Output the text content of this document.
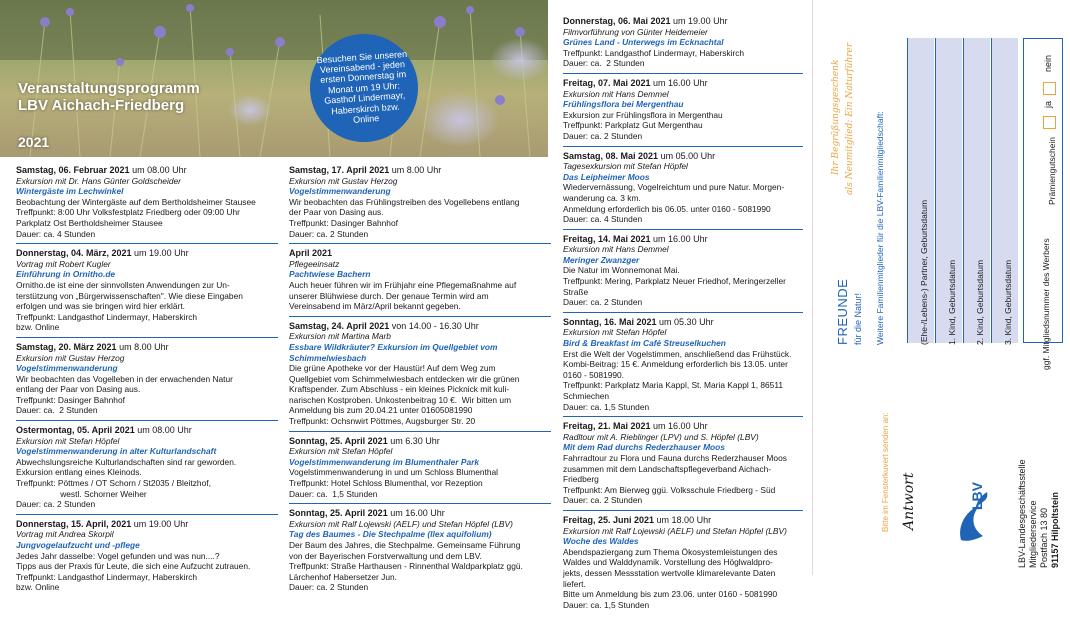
Veranstaltungsprogramm
LBV Aichach-Friedberg
2021
Besuchen Sie unseren Vereinsabend - jeden ersten Donnerstag im Monat um 19 Uhr: Gasthof Lindermayr, Haberskirch bzw. Online
Samstag, 06. Februar 2021 um 08.00 Uhr
Exkursion mit Dr. Hans Günter Goldscheider
Wintergäste im Lechwinkel
Beobachtung der Wintergäste auf dem Bertholdsheimer Stausee
Treffpunkt: 8:00 Uhr Volksfestplatz Friedberg oder 09:00 Uhr
Parkplatz Ost Bertholdsheimer Stausee
Dauer: ca. 4 Stunden
Donnerstag, 04. März, 2021 um 19.00 Uhr
Vortrag mit Robert Kugler
Einführung in Ornitho.de
Ornitho.de ist eine der sinnvollsten Anwendungen zur Un-
terstützung von „Bürgerwissenschaften". Wie diese Eingaben
erfolgen und was sie bringen wird hier erklärt.
Treffpunkt: Landgasthof Lindermayr, Haberskirch
bzw. Online
Samstag, 20. März 2021 um 8.00 Uhr
Exkursion mit Gustav Herzog
Vogelstimmenwanderung
Wir beobachten das Vogelleben in der erwachenden Natur
entlang der Paar von Dasing aus.
Treffpunkt: Dasinger Bahnhof
Dauer: ca.  2 Stunden
Ostermontag, 05. April 2021 um 08.00 Uhr
Exkursion mit Stefan Höpfel
Vogelstimmenwanderung in alter Kulturlandschaft
Abwechslungsreiche Kulturlandschaften sind rar geworden.
Exkursion entlang eines Kleinods.
Treffpunkt: Pöttmes / OT Schorn / St2035 / Bleitzhof,
westl. Schorner Weiher
Dauer: ca. 2 Stunden
Donnerstag, 15. April, 2021 um 19.00 Uhr
Vortrag mit Andrea Skorpil
Jungvogelaufzucht und -pflege
Jedes Jahr dasselbe: Vogel gefunden und was nun....?
Tipps aus der Praxis für Leute, die sich eine Aufzucht zutrauen.
Treffpunkt: Landgasthof Lindermayr, Haberskirch
bzw. Online
Samstag, 17. April 2021 um 8.00 Uhr
Exkursion mit Gustav Herzog
Vogelstimmenwanderung
Wir beobachten das Frühlingstreiben des Vogellebens entlang
der Paar von Dasing aus.
Treffpunkt: Dasinger Bahnhof
Dauer: ca. 2 Stunden
April 2021
Pflegeeinsatz
Pachtwiese Bachern
Auch heuer führen wir im Frühjahr eine Pflegemaßnahme auf
unserer Blühwiese durch. Der genaue Termin wird am
Vereinsabend im März/April bekannt gegeben.
Samstag, 24. April 2021 von 14.00 - 16.30 Uhr
Exkursion mit Martina Marb
Essbare Wildkräuter? Exkursion im Quellgebiet vom Schimmelwiesbach
Die grüne Apotheke vor der Haustür! Auf dem Weg zum
Quellgebiet vom Schimmelwiesbach entdecken wir die grünen
Kraftspender. Zum Abschluss - ein kleines Picknick mit kuli-
narischen Kostproben. Unkostenbeitrag 10 €.  Wir bitten um
Anmeldung bis zum 20.04.21 unter 01605081990
Treffpunkt: Ochsnwirt Pöttmes, Augsburger Str. 20
Sonntag, 25. April 2021 um 6.30 Uhr
Exkursion mit Stefan Höpfel
Vogelstimmenwanderung im Blumenthaler Park
Vogelstimmenwanderung in und um Schloss Blumenthal
Treffpunkt: Hotel Schloss Blumenthal, vor Rezeption
Dauer: ca.  1,5 Stunden
Sonntag, 25. April 2021 um 16.00 Uhr
Exkursion mit Ralf Lojewski (AELF) und Stefan Höpfel (LBV)
Tag des Baumes - Die Stechpalme (Ilex aquifolium)
Der Baum des Jahres, die Stechpalme. Gemeinsame Führung
von der Bayerischen Forstverwaltung und dem LBV.
Treffpunkt: Straße Harthausen - Rinnenthal Waldparkplatz ggü.
Lärchenhof Habersetzer Jun.
Dauer: ca. 2 Stunden
Donnerstag, 06. Mai 2021 um 19.00 Uhr
Filmvorführung von Günter Heidemeier
Grünes Land - Unterwegs im Ecknachtal
Treffpunkt: Landgasthof Lindermayr, Haberskirch
Dauer: ca.  2 Stunden
Freitag, 07. Mai 2021 um 16.00 Uhr
Exkursion mit Hans Demmel
Frühlingsflora bei Mergenthau
Exkursion zur Frühlingsflora in Mergenthau
Treffpunkt: Parkplatz Gut Mergenthau
Dauer: ca. 2 Stunden
Samstag, 08. Mai 2021 um 05.00 Uhr
Tagesexkursion mit Stefan Höpfel
Das Leipheimer Moos
Wiedervernässung, Vogelreichtum und pure Natur. Morgen-
wanderung ca. 3 km.
Anmeldung erforderlich bis 06.05. unter 0160 - 5081990
Dauer: ca. 4 Stunden
Freitag, 14. Mai 2021 um 16.00 Uhr
Exkursion mit Hans Demmel
Meringer Zwanzger
Die Natur im Wonnemonat Mai.
Treffpunkt: Mering, Parkplatz Neuer Friedhof, Meringerzeller
Straße
Dauer: ca. 2 Stunden
Sonntag, 16. Mai 2021 um 05.30 Uhr
Exkursion mit Stefan Höpfel
Bird & Breakfast im Café Streuselkuchen
Erst die Welt der Vogelstimmen, anschließend das Frühstück.
Kombi-Beitrag: 15 €. Anmeldung erforderlich bis 13.05. unter
0160 - 5081990.
Treffpunkt: Parkplatz Maria Kappl, St. Maria Kappl 1, 86511
Schmiechen
Dauer: ca. 1,5 Stunden
Freitag, 21. Mai 2021 um 16.00 Uhr
Radltour mit A. Rieblinger (LPV) und S. Höpfel (LBV)
Mit dem Rad durchs Rederzhauser Moos
Fahrradtour zu Flora und Fauna durchs Rederzhauser Moos
zusammen mit dem Landschaftspflegeverband Aichach-
Friedberg
Treffpunkt: Am Bierweg ggü. Volksschule Friedberg - Süd
Dauer: ca. 2 Stunden
Freitag, 25. Juni 2021 um 18.00 Uhr
Exkursion mit Ralf Lojewski (AELF) und Stefan Höpfel (LBV)
Woche des Waldes
Abendspaziergang zum Thema Ökosystemleistungen des
Waldes und Walddynamik. Vorstellung des Höglwaldpro-
jekts, dessen Messstation wertvolle klimarelevante Daten
liefert.
Bitte um Anmeldung bis zum 23.06. unter 0160 - 5081990
Dauer: ca. 1,5 Stunden
Bitte im Fensterkuvert senden an: Antwort	LBV	LBV-Landesgeschäftsstelle Mitgliederservice Postfach 13 80 91157 Hilpoltstein
FREUNDE für die Natur! Weitere Familienmitglieder für die LBV-Familienmitgliedschaft:
Ihr Begrüßungsgeschenk als Neumitglied: Ein Naturführer
(Ehe-/Lebens-) Partner, Geburtsdatum 1. Kind, Geburtsdatum 2. Kind, Geburtsdatum 3. Kind, Geburtsdatum	ggf. Mitgliedsnummer des Werbers
Prämiengutschein
ja
nein
